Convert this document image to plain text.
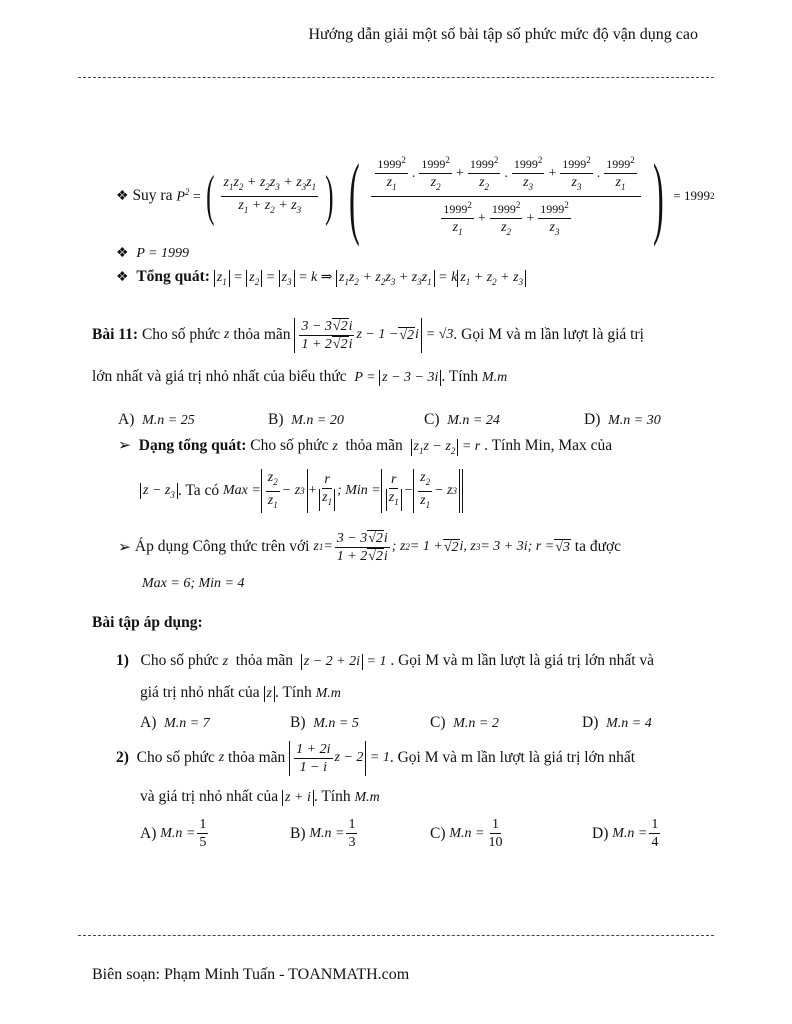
Hướng dẫn giải một số bài tập số phức mức độ vận dụng cao
❖
Suy ra
$P^2$ = ( $\frac{z_1z_2 + z_2z_3 + z_3z_1}{z_1 + z_2 + z_3}$ ) ( $\frac{1999^2}{z_1}$ . $\frac{1999^2}{z_2} + \frac{1999^2}{z_2}$ . $\frac{1999^2}{z_3} + \frac{1999^2}{z_3}$ . $\frac{1999^2}{z_1}$
$\frac{1999^2}{z_1} + \frac{1999^2}{z_2} + \frac{1999^2}{z_3}$ ) = 1999 2
❖ P = 1999
❖ Tổng quát: $z_1 = z_2 = z_3 = k$ ⇒ $z_1z_2 + z_2z_3 + z_3z_1 = k$ $z_1 + z_2 + z_3$
Bài 11:
Cho số phức
z
thỏa mãn
$\frac{3 - 3√2i}{1 + 2√2i}$ z − 1 − √2 i
= √3 . Gọi M và m lần lượt là giá trị
lớn nhất và giá trị nhỏ nhất của biểu thức P = z − 3 − 3i . Tính M.m
A) M.n = 25	B) M.n = 20	C) M.n = 24	D) M.n = 30
➢ Dạng tổng quát: Cho số phức z thỏa mãn $z_1z - z_2 = r$ . Tính Min, Max của
$z - z_3$ . Ta có
Max = $\frac{z_2}{z_1} - z$ $3 + \frac{r}{z_1}$ ; Min = $\frac{r}{z_1} - \frac{z_2}{z_1} - z$ 3
➢
Áp dụng Công thức trên với
z $1 = \frac{3 - 3√2i}{1 + 2√2i}$ ; z 2 = 1 + √2 i, z 3 = 3 + 3i; r = √3
ta được
Max = 6; Min = 4
Bài tập áp dụng:
1) Cho số phức z thỏa mãn z − 2 + 2i = 1 . Gọi M và m lần lượt là giá trị lớn nhất và
giá trị nhỏ nhất của z . Tính M.m
A) M.n = 7	B) M.n = 5	C) M.n = 2	D) M.n = 4
2)
Cho số phức
z
thỏa mãn
$\frac{1 + 2i}{1 - i}$ z − 2 = 1 . Gọi M và m lần lượt là giá trị lớn nhất
và giá trị nhỏ nhất của z + i . Tính M.m
A)
$M.n = \frac{1}{5}$	B)
$M.n = \frac{1}{3}$	C)
$M.n = \frac{1}{10}$	D)
$M.n = \frac{1}{4}$
Biên soạn: Phạm Minh Tuấn - TOANMATH.com
